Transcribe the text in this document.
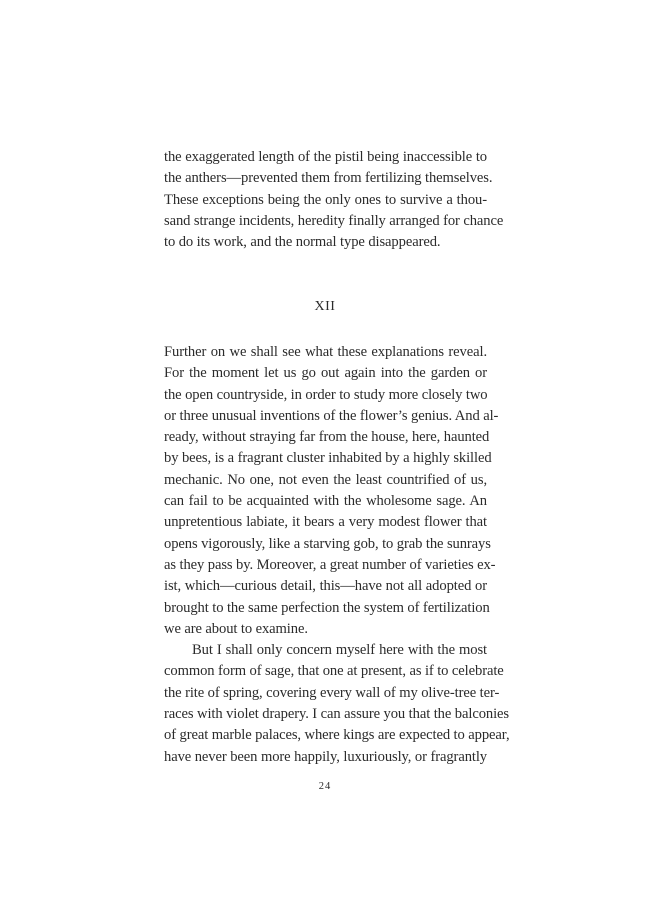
the exaggerated length of the pistil being inaccessible to
the anthers—prevented them from fertilizing themselves.
These exceptions being the only ones to survive a thou-
sand strange incidents, heredity finally arranged for chance
to do its work, and the normal type disappeared.
XII
Further on we shall see what these explanations reveal.
For the moment let us go out again into the garden or
the open countryside, in order to study more closely two
or three unusual inventions of the flower’s genius. And al-
ready, without straying far from the house, here, haunted
by bees, is a fragrant cluster inhabited by a highly skilled
mechanic. No one, not even the least countrified of us,
can fail to be acquainted with the wholesome sage. An
unpretentious labiate, it bears a very modest flower that
opens vigorously, like a starving gob, to grab the sunrays
as they pass by. Moreover, a great number of varieties ex-
ist, which—curious detail, this—have not all adopted or
brought to the same perfection the system of fertilization
we are about to examine.
But I shall only concern myself here with the most
common form of sage, that one at present, as if to celebrate
the rite of spring, covering every wall of my olive-tree ter-
races with violet drapery. I can assure you that the balconies
of great marble palaces, where kings are expected to appear,
have never been more happily, luxuriously, or fragrantly
24
